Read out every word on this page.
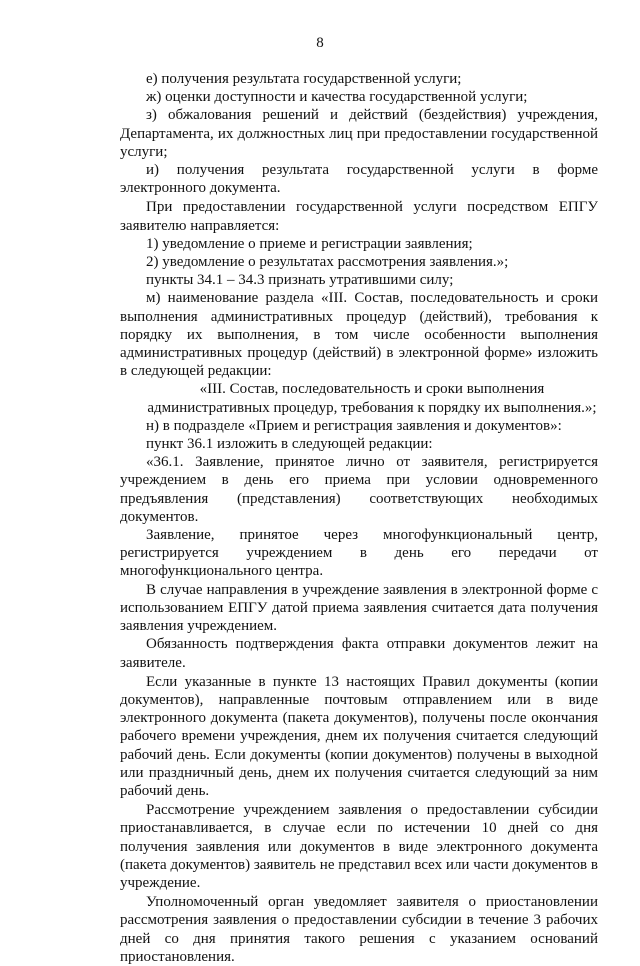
8

е) получения результата государственной услуги;

ж) оценки доступности и качества государственной услуги;

з) обжалования решений и действий (бездействия) учреждения, Департамента, их должностных лиц при предоставлении государственной услуги;

и) получения результата государственной услуги в форме электронного документа.

При предоставлении государственной услуги посредством ЕПГУ заявителю направляется:

1) уведомление о приеме и регистрации заявления;

2) уведомление о результатах рассмотрения заявления.»;

пункты 34.1 – 34.3 признать утратившими силу;

м) наименование раздела «III. Состав, последовательность и сроки выполнения административных процедур (действий), требования к порядку их выполнения, в том числе особенности выполнения административных процедур (действий) в электронной форме» изложить в следующей редакции:

«III. Состав, последовательность и сроки выполнения административных процедур, требования к порядку их выполнения.»;

н) в подразделе «Прием и регистрация заявления и документов»:

пункт 36.1 изложить в следующей редакции:

«36.1. Заявление, принятое лично от заявителя, регистрируется учреждением в день его приема при условии одновременного предъявления (представления) соответствующих необходимых документов.

Заявление, принятое через многофункциональный центр, регистрируется учреждением в день его передачи от многофункционального центра.

В случае направления в учреждение заявления в электронной форме с использованием ЕПГУ датой приема заявления считается дата получения заявления учреждением.

Обязанность подтверждения факта отправки документов лежит на заявителе.

Если указанные в пункте 13 настоящих Правил документы (копии документов), направленные почтовым отправлением или в виде электронного документа (пакета документов), получены после окончания рабочего времени учреждения, днем их получения считается следующий рабочий день. Если документы (копии документов) получены в выходной или праздничный день, днем их получения считается следующий за ним рабочий день.

Рассмотрение учреждением заявления о предоставлении субсидии приостанавливается, в случае если по истечении 10 дней со дня получения заявления или документов в виде электронного документа (пакета документов) заявитель не представил всех или части документов в учреждение.

Уполномоченный орган уведомляет заявителя о приостановлении рассмотрения заявления о предоставлении субсидии в течение 3 рабочих дней со дня принятия такого решения с указанием оснований приостановления.
